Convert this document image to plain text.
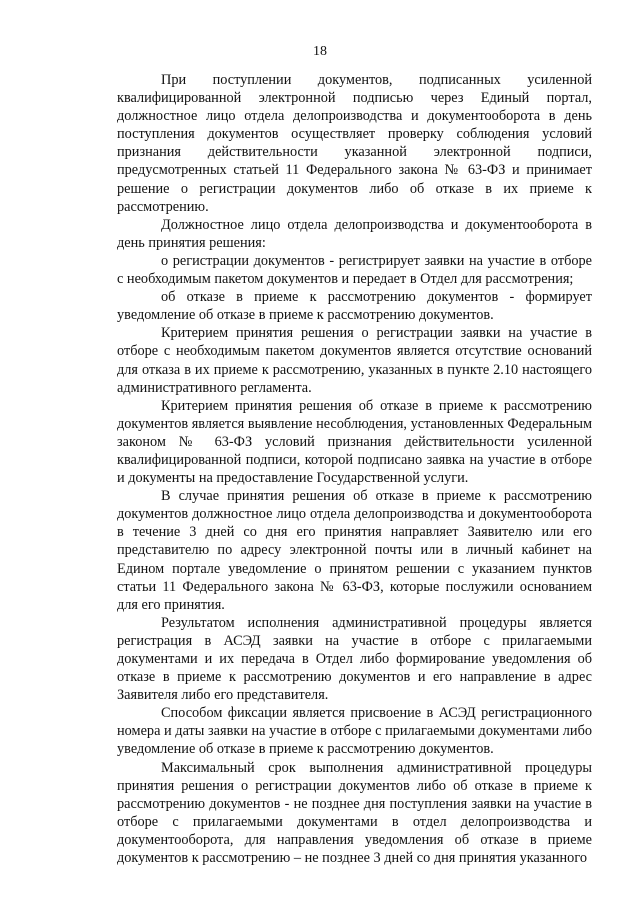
18

При поступлении документов, подписанных усиленной квалифицированной электронной подписью через Единый портал, должностное лицо отдела делопроизводства и документооборота в день поступления документов осуществляет проверку соблюдения условий признания действительности указанной электронной подписи, предусмотренных статьей 11 Федерального закона № 63-ФЗ и принимает решение о регистрации документов либо об отказе в их приеме к рассмотрению.

Должностное лицо отдела делопроизводства и документооборота в день принятия решения:

о регистрации документов - регистрирует заявки на участие в отборе с необходимым пакетом документов и передает в Отдел для рассмотрения;

об отказе в приеме к рассмотрению документов - формирует уведомление об отказе в приеме к рассмотрению документов.

Критерием принятия решения о регистрации заявки на участие в отборе с необходимым пакетом документов является отсутствие оснований для отказа в их приеме к рассмотрению, указанных в пункте 2.10 настоящего административного регламента.

Критерием принятия решения об отказе в приеме к рассмотрению документов является выявление несоблюдения, установленных Федеральным законом № 63-ФЗ условий признания действительности усиленной квалифицированной подписи, которой подписано заявка на участие в отборе и документы на предоставление Государственной услуги.

В случае принятия решения об отказе в приеме к рассмотрению документов должностное лицо отдела делопроизводства и документооборота в течение 3 дней со дня его принятия направляет Заявителю или его представителю по адресу электронной почты или в личный кабинет на Едином портале уведомление о принятом решении с указанием пунктов статьи 11 Федерального закона № 63-ФЗ, которые послужили основанием для его принятия.

Результатом исполнения административной процедуры является регистрация в АСЭД заявки на участие в отборе с прилагаемыми документами и их передача в Отдел либо формирование уведомления об отказе в приеме к рассмотрению документов и его направление в адрес Заявителя либо его представителя.

Способом фиксации является присвоение в АСЭД регистрационного номера и даты заявки на участие в отборе с прилагаемыми документами либо уведомление об отказе в приеме к рассмотрению документов.

Максимальный срок выполнения административной процедуры принятия решения о регистрации документов либо об отказе в приеме к рассмотрению документов - не позднее дня поступления заявки на участие в отборе с прилагаемыми документами в отдел делопроизводства и документооборота, для направления уведомления об отказе в приеме документов к рассмотрению – не позднее 3 дней со дня принятия указанного
